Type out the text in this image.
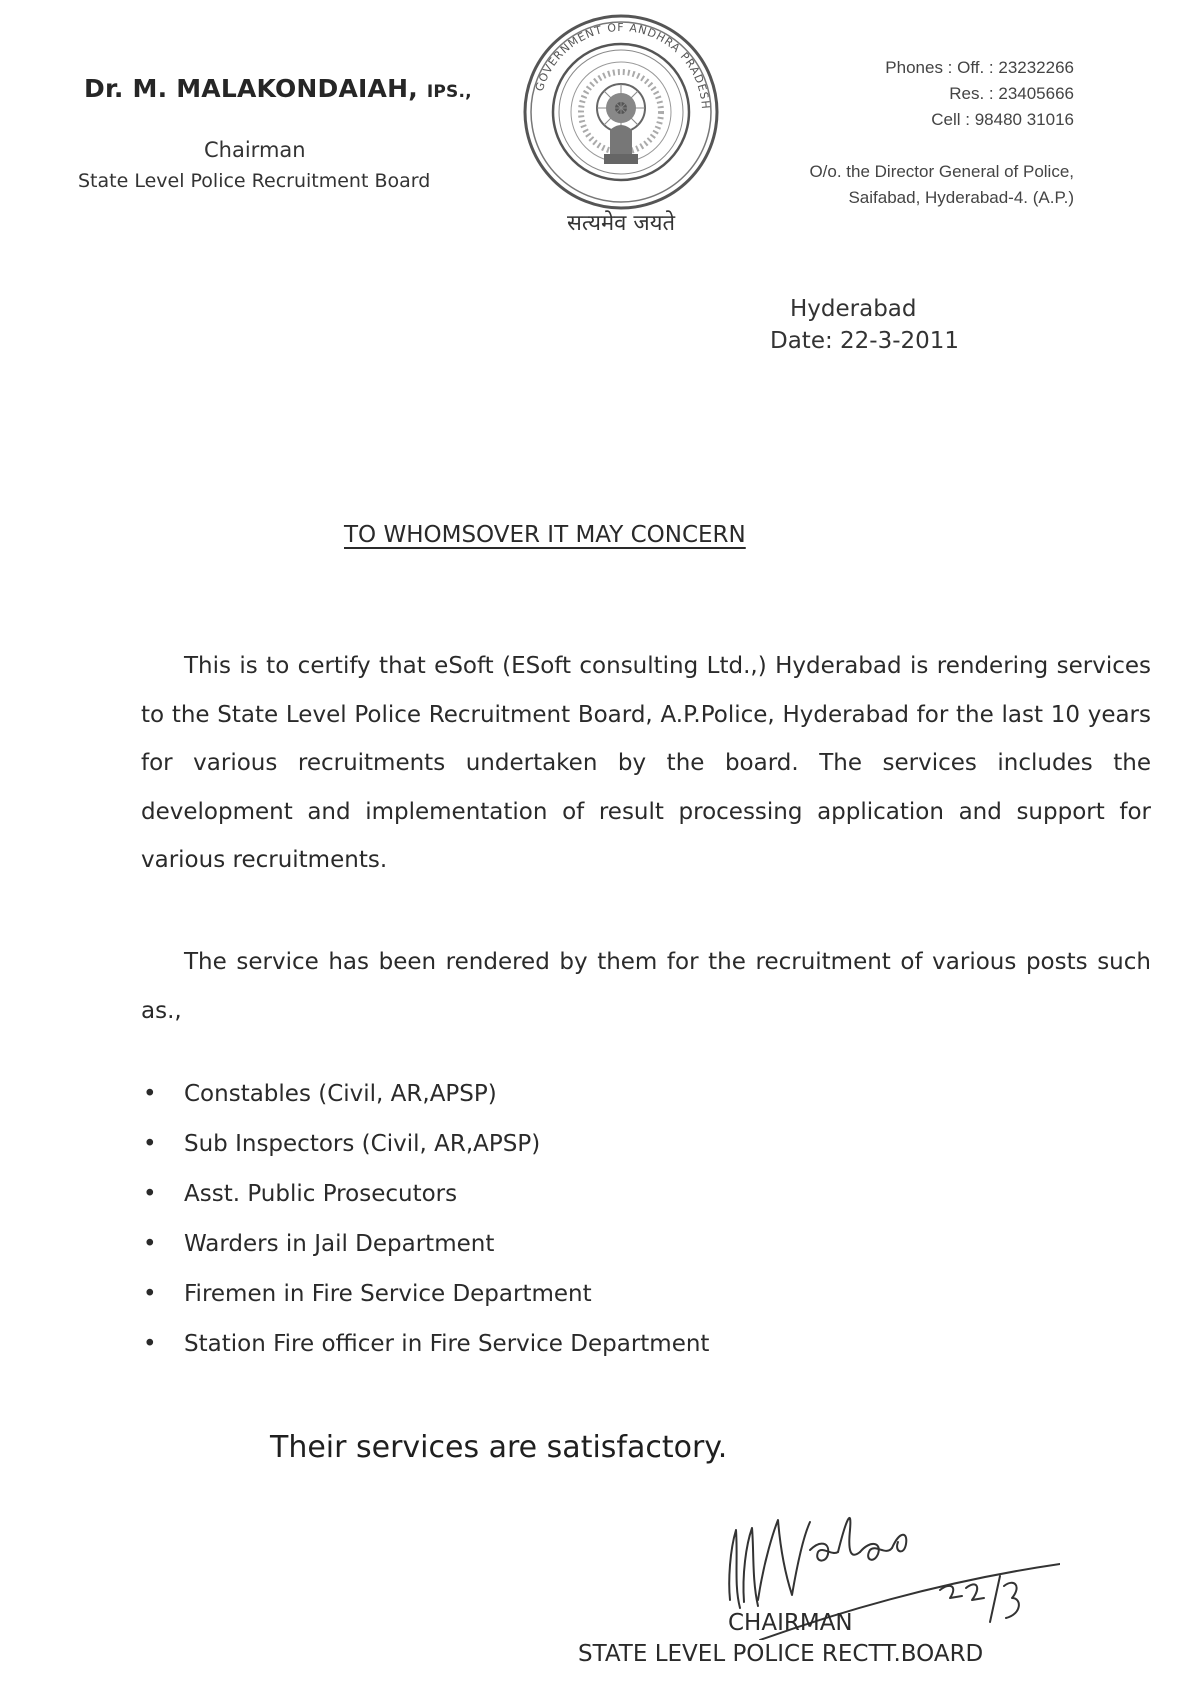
Dr. M. MALAKONDAIAH, IPS.,
Chairman
State Level Police Recruitment Board
GOVERNMENT OF ANDHRA PRADESH
सत्यमेव जयते
Phones : Off. : 23232266
Res. : 23405666
Cell : 98480 31016
O/o. the Director General of Police,
Saifabad, Hyderabad-4. (A.P.)
Hyderabad
Date: 22-3-2011
TO WHOMSOVER IT MAY CONCERN

This is to certify that eSoft (ESoft consulting Ltd.,) Hyderabad is rendering services to the State Level Police Recruitment Board, A.P.Police, Hyderabad for the last 10 years for various recruitments undertaken by the board. The services includes the development and implementation of result processing application and support for various recruitments.

The service has been rendered by them for the recruitment of various posts such as.,

• Constables (Civil, AR,APSP)
• Sub Inspectors (Civil, AR,APSP)
• Asst. Public Prosecutors
• Warders in Jail Department
• Firemen in Fire Service Department
• Station Fire officer in Fire Service Department
Their services are satisfactory.
MMalako 22/3
CHAIRMAN
STATE LEVEL POLICE RECTT.BOARD
